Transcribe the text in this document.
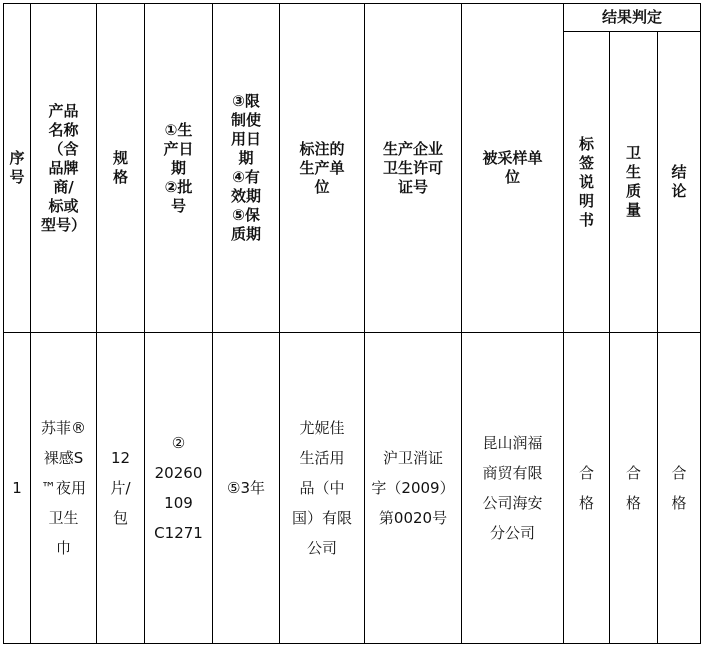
结果判定
序
号
产品
名称
（含
品牌
商/
标或
型号）
规
格
①生
产日
期
②批
号
③限
制使
用日
期
④有
效期
⑤保
质期
标注的
生产单
位
生产企业
卫生许可
证号
被采样单
位
标
签
说
明
书
卫
生
质
量
结
论
1
苏菲®
裸感S
™夜用
卫生
巾
12
片/
包
②
20260
109
C1271
⑤3年
尤妮佳
生活用
品（中
国）有限
公司
沪卫消证
字（2009）
第0020号
昆山润福
商贸有限
公司海安
分公司
合
格
合
格
合
格
